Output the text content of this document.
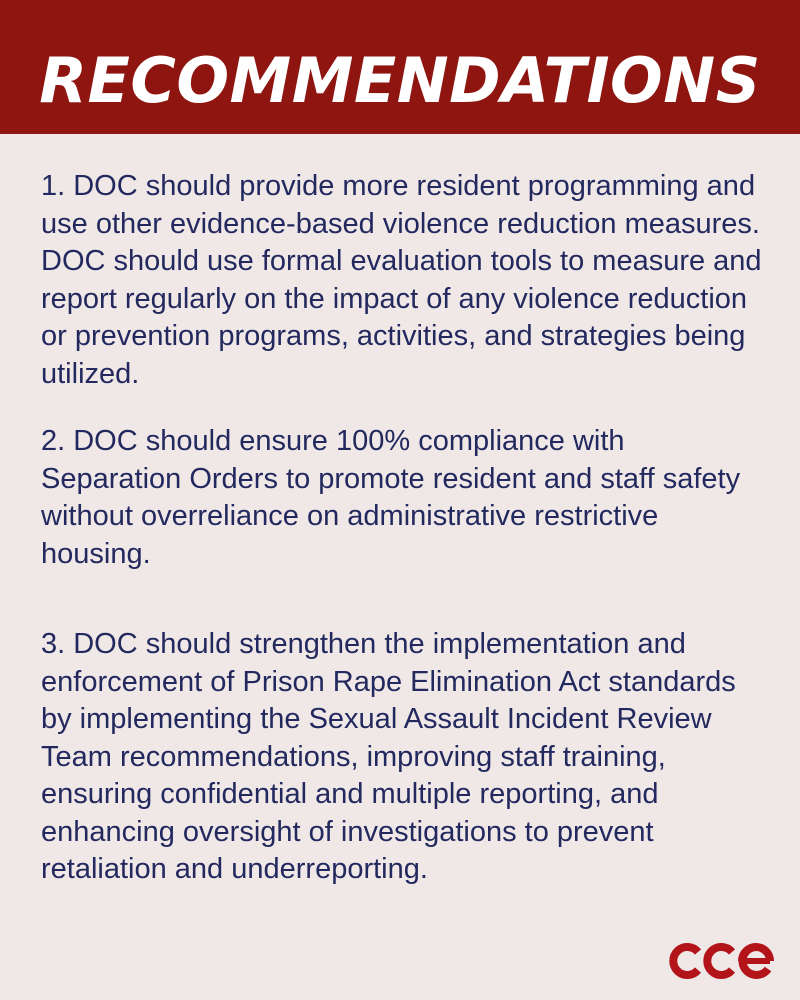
RECOMMENDATIONS

1. DOC should provide more resident programming and use other evidence-based violence reduction measures. DOC should use formal evaluation tools to measure and report regularly on the impact of any violence reduction or prevention programs, activities, and strategies being utilized.

2. DOC should ensure 100% compliance with Separation Orders to promote resident and staff safety without overreliance on administrative restrictive housing.

3. DOC should strengthen the implementation and enforcement of Prison Rape Elimination Act standards by implementing the Sexual Assault Incident Review Team recommendations, improving staff training, ensuring confidential and multiple reporting, and enhancing oversight of investigations to prevent retaliation and underreporting.
